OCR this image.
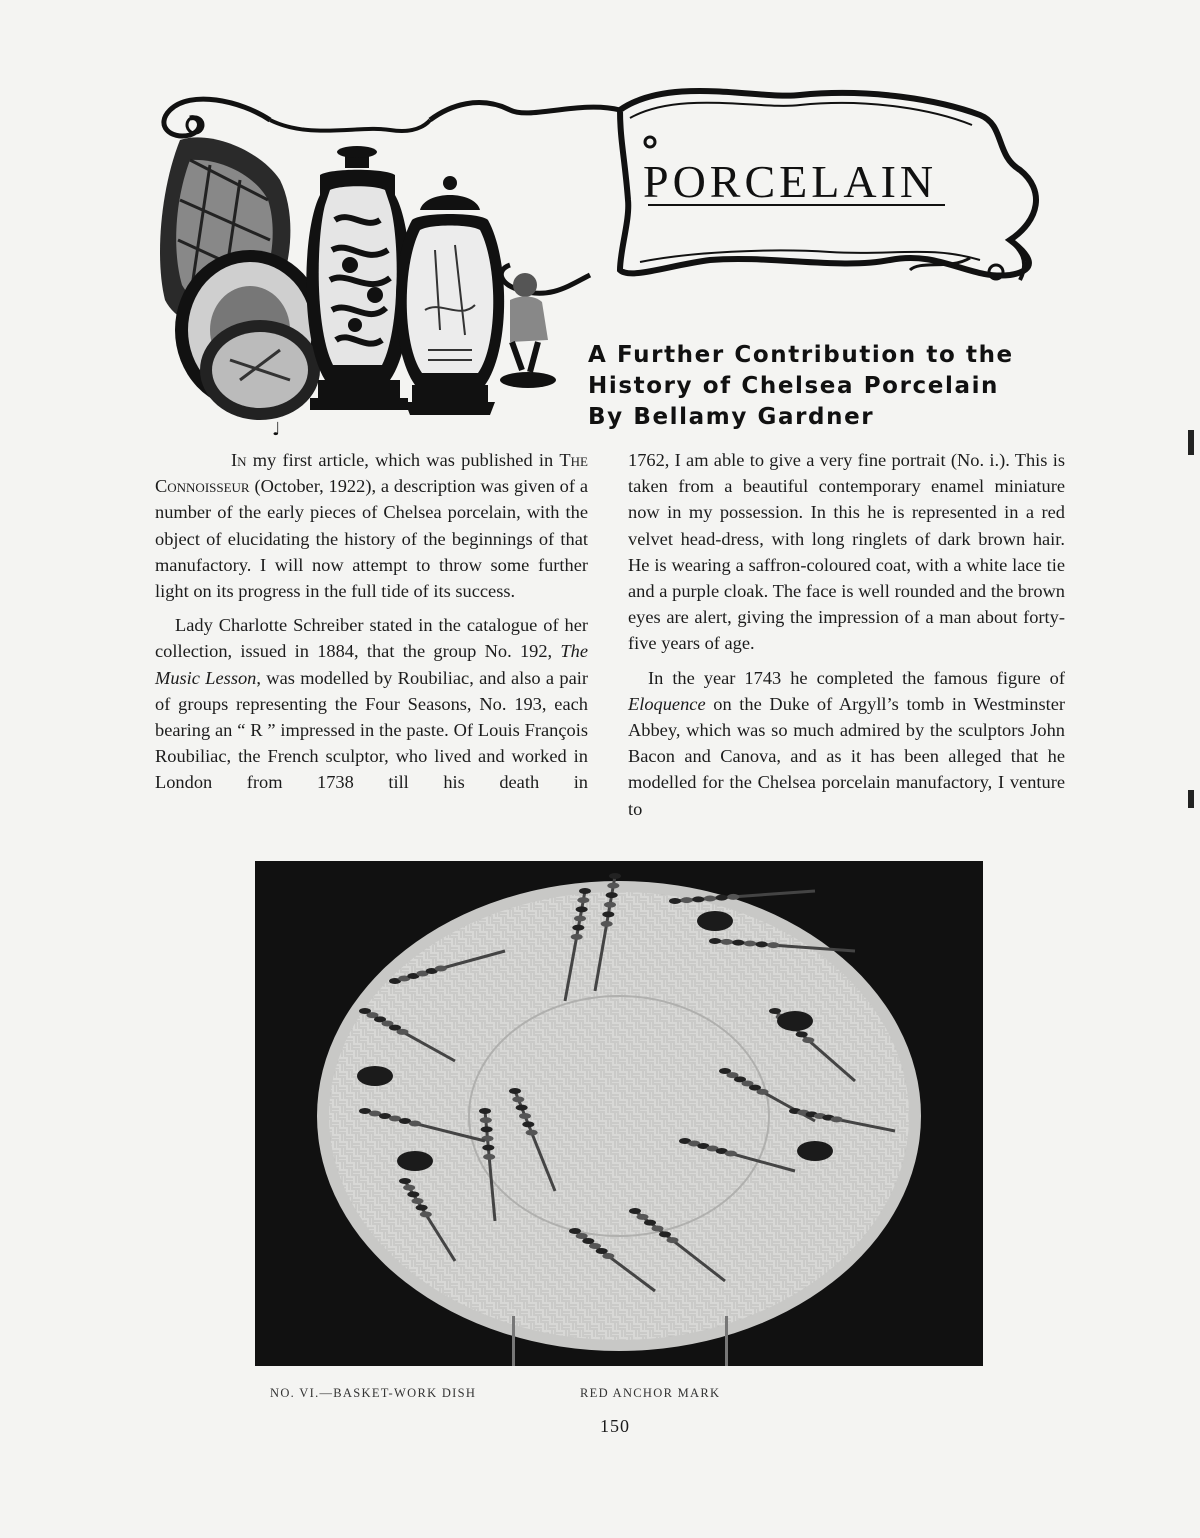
PORCELAIN
♩
A Further Contribution to the
History of Chelsea Porcelain
By Bellamy Gardner

In my first article, which was published in The Connoisseur (October, 1922), a description was given of a number of the early pieces of Chelsea porcelain, with the object of elucidating the history of the beginnings of that manufactory. I will now attempt to throw some further light on its progress in the full tide of its success.

Lady Charlotte Schreiber stated in the catalogue of her collection, issued in 1884, that the group No. 192, The Music Lesson, was modelled by Roubiliac, and also a pair of groups representing the Four Seasons, No. 193, each bearing an “ R ” impressed in the paste. Of Louis François Roubiliac, the French sculptor, who lived and worked in London from 1738 till his death in

1762, I am able to give a very fine portrait (No. i.). This is taken from a beautiful contemporary enamel miniature now in my possession. In this he is represented in a red velvet head-dress, with long ringlets of dark brown hair. He is wearing a saffron-coloured coat, with a white lace tie and a purple cloak. The face is well rounded and the brown eyes are alert, giving the impression of a man about forty-five years of age.

In the year 1743 he completed the famous figure of Eloquence on the Duke of Argyll’s tomb in Westminster Abbey, which was so much admired by the sculptors John Bacon and Canova, and as it has been alleged that he modelled for the Chelsea porcelain manufactory, I venture to

NO. VI.—BASKET-WORK DISH	RED ANCHOR MARK
150
